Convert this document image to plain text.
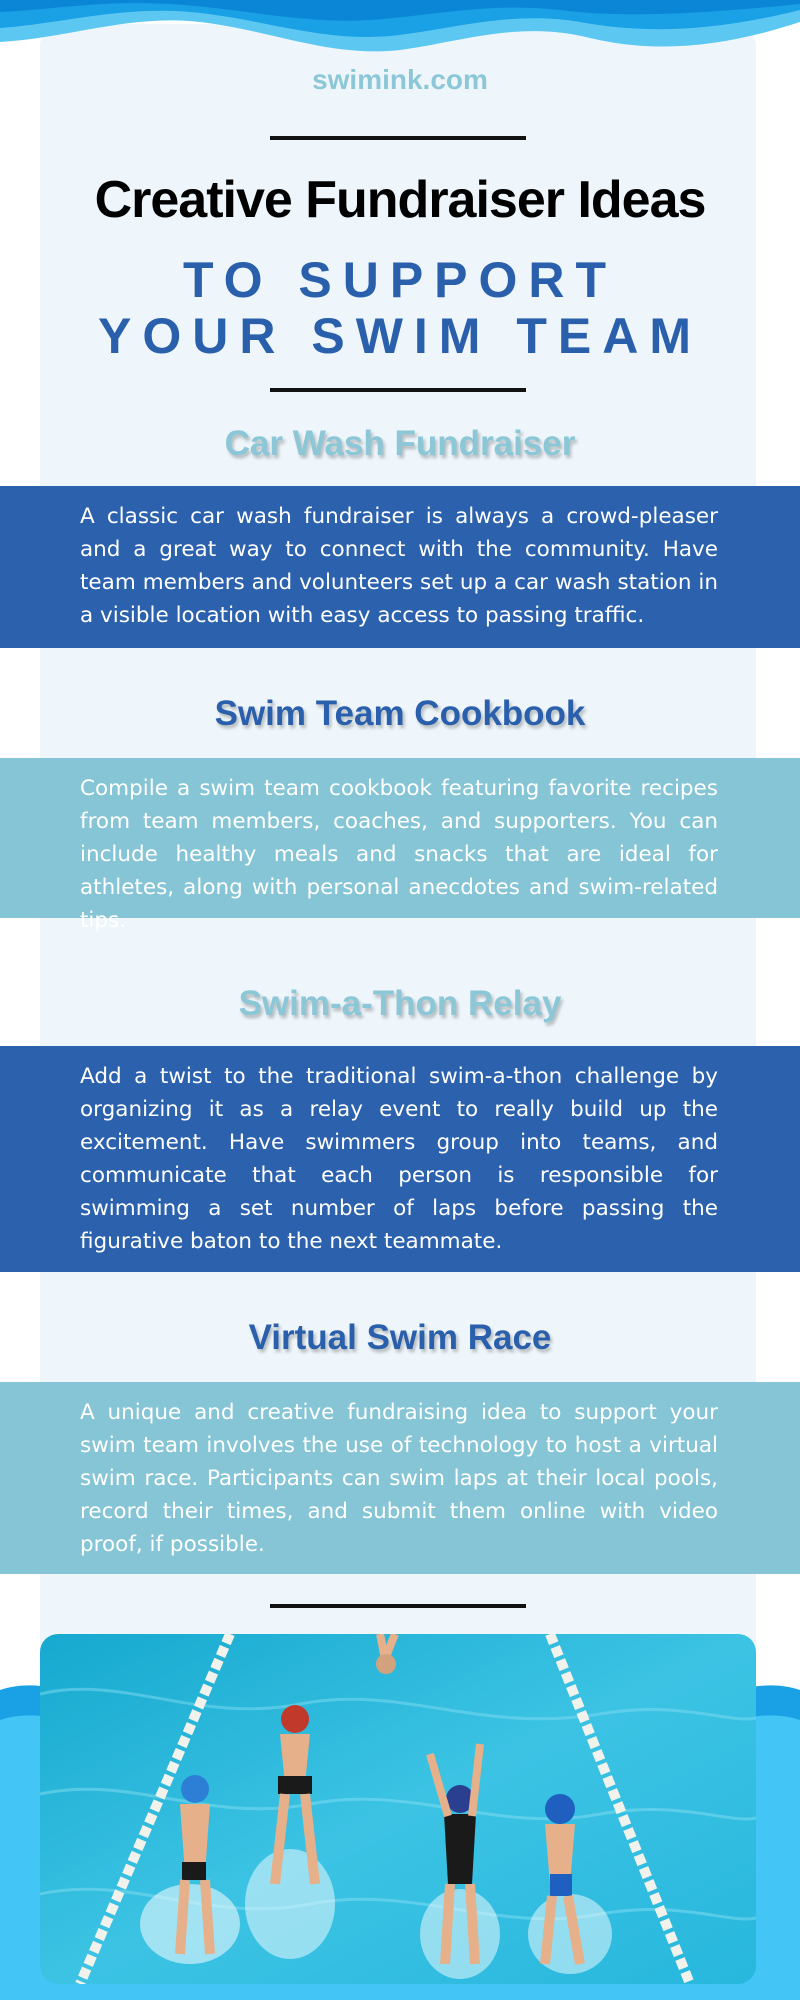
swimink.com
Creative Fundraiser Ideas
TO SUPPORT
YOUR SWIM TEAM
Car Wash Fundraiser

A classic car wash fundraiser is always a crowd-pleaser and a great way to connect with the community. Have team members and volunteers set up a car wash station in a visible location with easy access to passing traffic.

Swim Team Cookbook

Compile a swim team cookbook featuring favorite recipes from team members, coaches, and supporters. You can include healthy meals and snacks that are ideal for athletes, along with personal anecdotes and swim-related tips.

Swim-a-Thon Relay

Add a twist to the traditional swim-a-thon challenge by organizing it as a relay event to really build up the excitement. Have swimmers group into teams, and communicate that each person is responsible for swimming a set number of laps before passing the figurative baton to the next teammate.

Virtual Swim Race

A unique and creative fundraising idea to support your swim team involves the use of technology to host a virtual swim race. Participants can swim laps at their local pools, record their times, and submit them online with video proof, if possible.
